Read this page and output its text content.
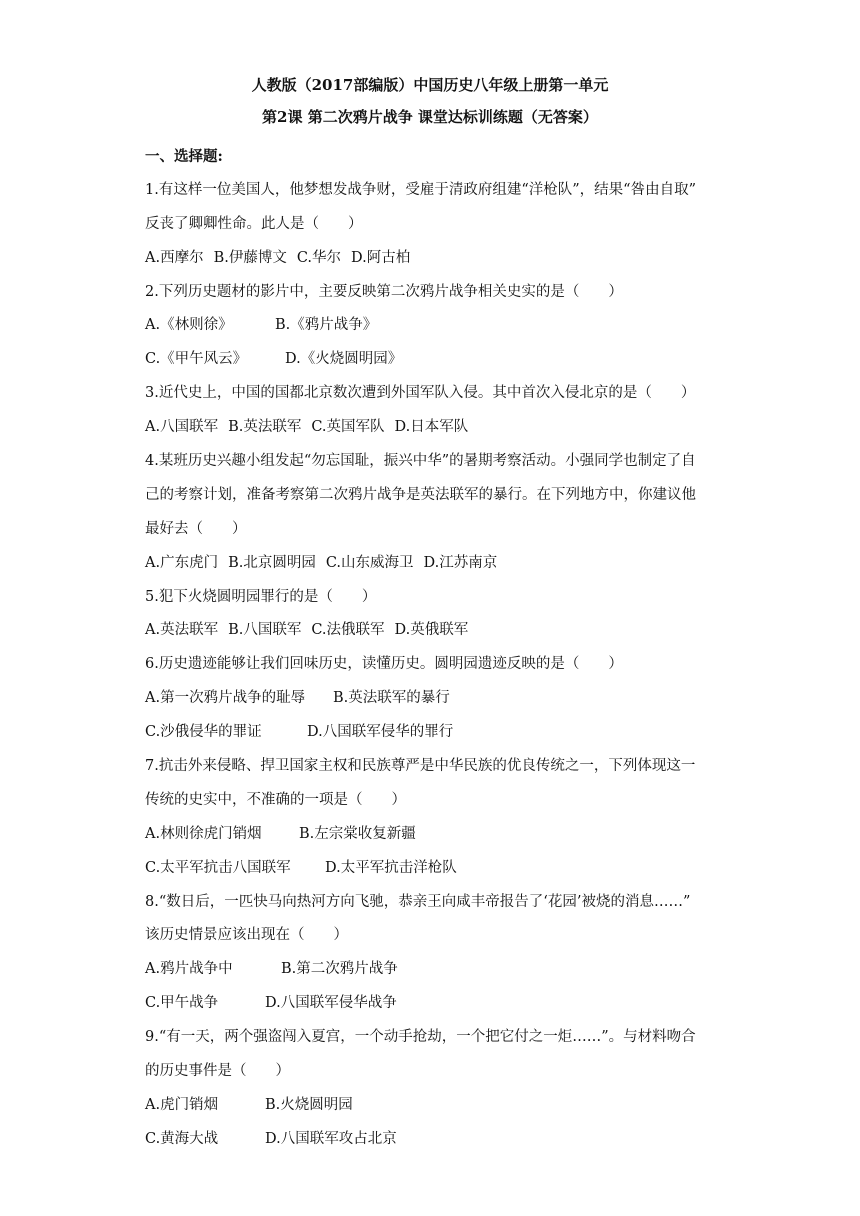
人教版（2017部编版）中国历史八年级上册第一单元
第2课 第二次鸦片战争 课堂达标训练题（无答案）
一、选择题:
1.有这样一位美国人，他梦想发战争财，受雇于清政府组建“洋枪队”，结果“咎由自取”
反丧了卿卿性命。此人是（　　）
A.西摩尔 B.伊藤博文 C.华尔 D.阿古柏
2.下列历史题材的影片中，主要反映第二次鸦片战争相关史实的是（　　）
A.《林则徐》	B.《鸦片战争》
C.《甲午风云》	D.《火烧圆明园》
3.近代史上，中国的国都北京数次遭到外国军队入侵。其中首次入侵北京的是（　　）
A.八国联军 B.英法联军 C.英国军队 D.日本军队
4.某班历史兴趣小组发起“勿忘国耻，振兴中华”的暑期考察活动。小强同学也制定了自
己的考察计划，准备考察第二次鸦片战争是英法联军的暴行。在下列地方中，你建议他
最好去（　　）
A.广东虎门 B.北京圆明园 C.山东威海卫 D.江苏南京
5.犯下火烧圆明园罪行的是（　　）
A.英法联军 B.八国联军 C.法俄联军 D.英俄联军
6.历史遗迹能够让我们回味历史，读懂历史。圆明园遗迹反映的是（　　）
A.第一次鸦片战争的耻辱 B.英法联军的暴行
C.沙俄侵华的罪证	D.八国联军侵华的罪行
7.抗击外来侵略、捍卫国家主权和民族尊严是中华民族的优良传统之一，下列体现这一
传统的史实中，不准确的一项是（　　）
A.林则徐虎门销烟	B.左宗棠收复新疆
C.太平军抗击八国联军 D.太平军抗击洋枪队
8.“数日后，一匹快马向热河方向飞驰，恭亲王向咸丰帝报告了‘花园’被烧的消息……”
该历史情景应该出现在（　　）
A.鸦片战争中	B.第二次鸦片战争
C.甲午战争	D.八国联军侵华战争
9.“有一天，两个强盗闯入夏宫，一个动手抢劫，一个把它付之一炬……”。与材料吻合
的历史事件是（　　）
A.虎门销烟	B.火烧圆明园
C.黄海大战	D.八国联军攻占北京
